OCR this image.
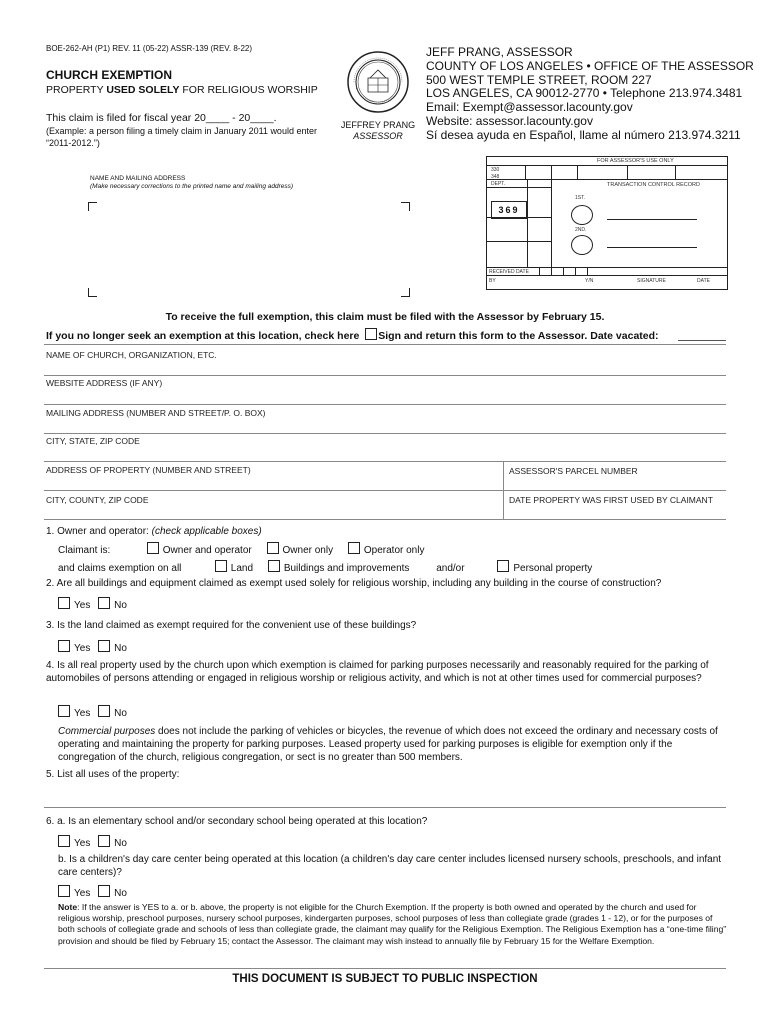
BOE-262-AH (P1) REV. 11 (05-22) ASSR-139 (REV. 8-22)
CHURCH EXEMPTION
PROPERTY USED SOLELY FOR RELIGIOUS WORSHIP
This claim is filed for fiscal year 20____ - 20____.
(Example: a person filing a timely claim in January 2011 would enter “2011-2012.”)
JEFFREY PRANG
ASSESSOR
JEFF PRANG, ASSESSOR
COUNTY OF LOS ANGELES • OFFICE OF THE ASSESSOR
500 WEST TEMPLE STREET, ROOM 227
LOS ANGELES, CA 90012-2770 • Telephone 213.974.3481
Email: Exempt@assessor.lacounty.gov
Website: assessor.lacounty.gov
Sí desea ayuda en Español, llame al número 213.974.3211
NAME AND MAILING ADDRESS
(Make necessary corrections to the printed name and mailing address)
FOR ASSESSOR'S USE ONLY
330
348
DEPT.	TRANSACTION CONTROL RECORD
369
1ST.
2ND.
RECEIVED DATE
BY	Y/N	SIGNATURE	DATE
To receive the full exemption, this claim must be filed with the Assessor by February 15.
If you no longer seek an exemption at this location, check here Sign and return this form to the Assessor. Date vacated:
NAME OF CHURCH, ORGANIZATION, ETC.
WEBSITE ADDRESS (IF ANY)
MAILING ADDRESS (NUMBER AND STREET/P. O. BOX)
CITY, STATE, ZIP CODE
ADDRESS OF PROPERTY (NUMBER AND STREET)	ASSESSOR'S PARCEL NUMBER
CITY, COUNTY, ZIP CODE	DATE PROPERTY WAS FIRST USED BY CLAIMANT
1. Owner and operator: (check applicable boxes)
Claimant is:	Owner and operator	Owner only	Operator only
and claims exemption on all	Land	Buildings and improvements	and/or	Personal property
2. Are all buildings and equipment claimed as exempt used solely for religious worship, including any building in the course of construction?
Yes No
3. Is the land claimed as exempt required for the convenient use of these buildings?
Yes No
4. Is all real property used by the church upon which exemption is claimed for parking purposes necessarily and reasonably required for the parking of automobiles of persons attending or engaged in religious worship or religious activity, and which is not at other times used for commercial purposes?
Yes No
Commercial purposes does not include the parking of vehicles or bicycles, the revenue of which does not exceed the ordinary and necessary costs of operating and maintaining the property for parking purposes. Leased property used for parking purposes is eligible for exemption only if the congregation of the church, religious congregation, or sect is no greater than 500 members.
5. List all uses of the property:
6. a. Is an elementary school and/or secondary school being operated at this location?
Yes No
b. Is a children's day care center being operated at this location (a children's day care center includes licensed nursery schools, preschools, and infant care centers)?
Yes No
Note: If the answer is YES to a. or b. above, the property is not eligible for the Church Exemption. If the property is both owned and operated by the church and used for religious worship, preschool purposes, nursery school purposes, kindergarten purposes, school purposes of less than collegiate grade (grades 1 - 12), or for the purposes of both schools of collegiate grade and schools of less than collegiate grade, the claimant may qualify for the Religious Exemption. The Religious Exemption has a “one-time filing” provision and should be filed by February 15; contact the Assessor. The claimant may wish instead to annually file by February 15 for the Welfare Exemption.
THIS DOCUMENT IS SUBJECT TO PUBLIC INSPECTION
